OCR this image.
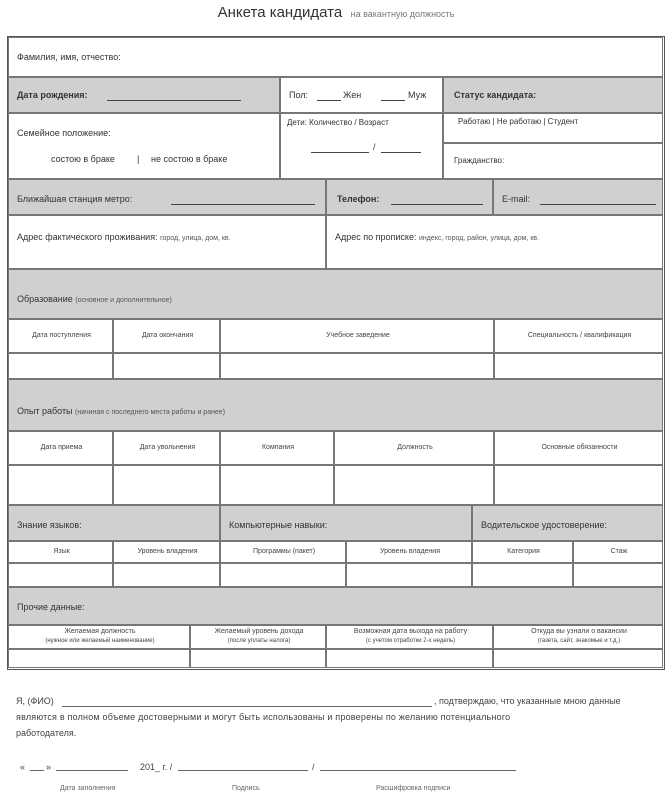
Анкета кандидата на вакантную должность
Фамилия, имя, отчество:
Дата рождения:	Пол:	Жен	Муж	Статус кандидата:
Семейное положение:
состою в браке | не состою в браке
Дети: Количество / Возраст
/
Работаю | Не работаю | Студент
Гражданство:
Ближайшая станция метро:	Телефон:	E-mail:
Адрес фактического проживания: город, улица, дом, кв.	Адрес по прописке: индекс, город, район, улица, дом, кв.
Образование (основное и дополнительное)
Дата поступления	Дата окончания	Учебное заведение	Специальность / квалификация
Опыт работы (начиная с последнего места работы и ранее)
Дата приема	Дата увольнения	Компания	Должность	Основные обязанности
Знание языков:	Компьютерные навыки:	Водительское удостоверение:
Язык	Уровень владения	Программы (пакет)	Уровень владения	Категория	Стаж
Прочие данные:
Желаемая должность
(нужное или желаемый наименование)
Желаемый уровень дохода
(после уплаты налога)
Возможная дата выхода на работу
(с учетом отработки 2-х недель)
Откуда вы узнали о вакансии
(газета, сайт, знакомые и т.д.)
Я, (ФИО)	, подтверждаю, что указанные мною данные
являются в полном объеме достоверными и могут быть использованы и проверены по желанию потенциального
работодателя.
« »	201_ г. /	/
Дата заполнения	Подпись	Расшифровка подписи
